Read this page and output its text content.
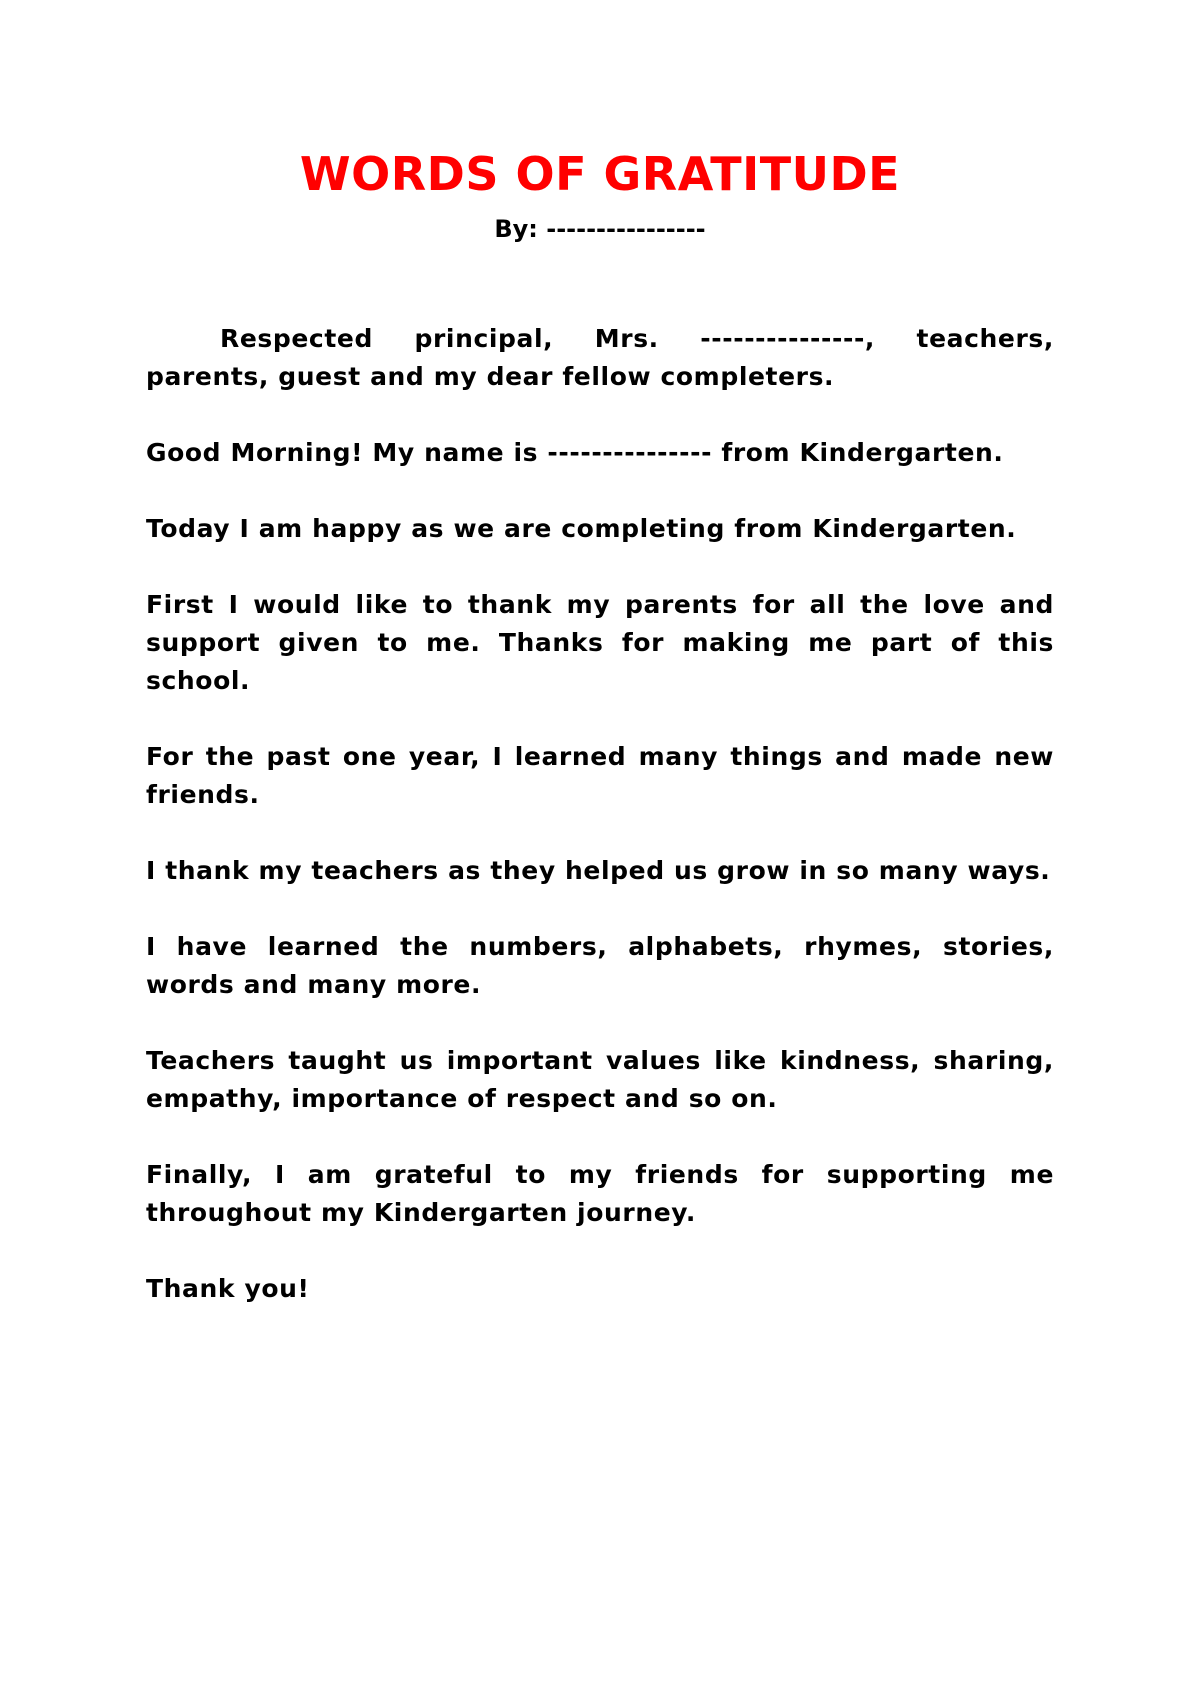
WORDS OF GRATITUDE
By: ----------------

Respected principal, Mrs. ---------------, teachers, parents, guest and my dear fellow completers.

Good Morning! My name is --------------- from Kindergarten.

Today I am happy as we are completing from Kindergarten.

First I would like to thank my parents for all the love and support given to me. Thanks for making me part of this school.

For the past one year, I learned many things and made new friends.

I thank my teachers as they helped us grow in so many ways.

I have learned the numbers, alphabets, rhymes, stories, words and many more.

Teachers taught us important values like kindness, sharing, empathy, importance of respect and so on.

Finally, I am grateful to my friends for supporting me throughout my Kindergarten journey.

Thank you!
